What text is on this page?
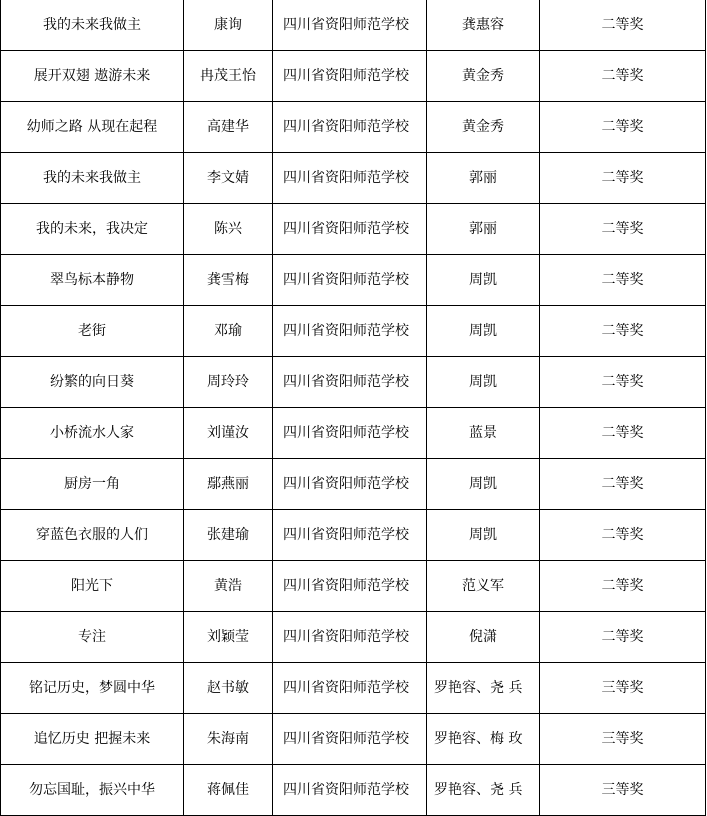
我的未来我做主	康询	四川省资阳师范学校	龚惠容	二等奖
展开双翅 遨游未来	冉茂王怡	四川省资阳师范学校	黄金秀	二等奖
幼师之路 从现在起程	高建华	四川省资阳师范学校	黄金秀	二等奖
我的未来我做主	李文婧	四川省资阳师范学校	郭丽	二等奖
我的未来，我决定	陈兴	四川省资阳师范学校	郭丽	二等奖
翠鸟标本静物	龚雪梅	四川省资阳师范学校	周凯	二等奖
老街	邓瑜	四川省资阳师范学校	周凯	二等奖
纷繁的向日葵	周玲玲	四川省资阳师范学校	周凯	二等奖
小桥流水人家	刘谨汝	四川省资阳师范学校	蓝景	二等奖
厨房一角	鄢燕丽	四川省资阳师范学校	周凯	二等奖
穿蓝色衣服的人们	张建瑜	四川省资阳师范学校	周凯	二等奖
阳光下	黄浩	四川省资阳师范学校	范义军	二等奖
专注	刘颖莹	四川省资阳师范学校	倪潇	二等奖
铭记历史，梦圆中华	赵书敏	四川省资阳师范学校	罗艳容、尧 兵	三等奖
追忆历史 把握未来	朱海南	四川省资阳师范学校	罗艳容、梅 玫	三等奖
勿忘国耻，振兴中华	蒋佩佳	四川省资阳师范学校	罗艳容、尧 兵	三等奖
